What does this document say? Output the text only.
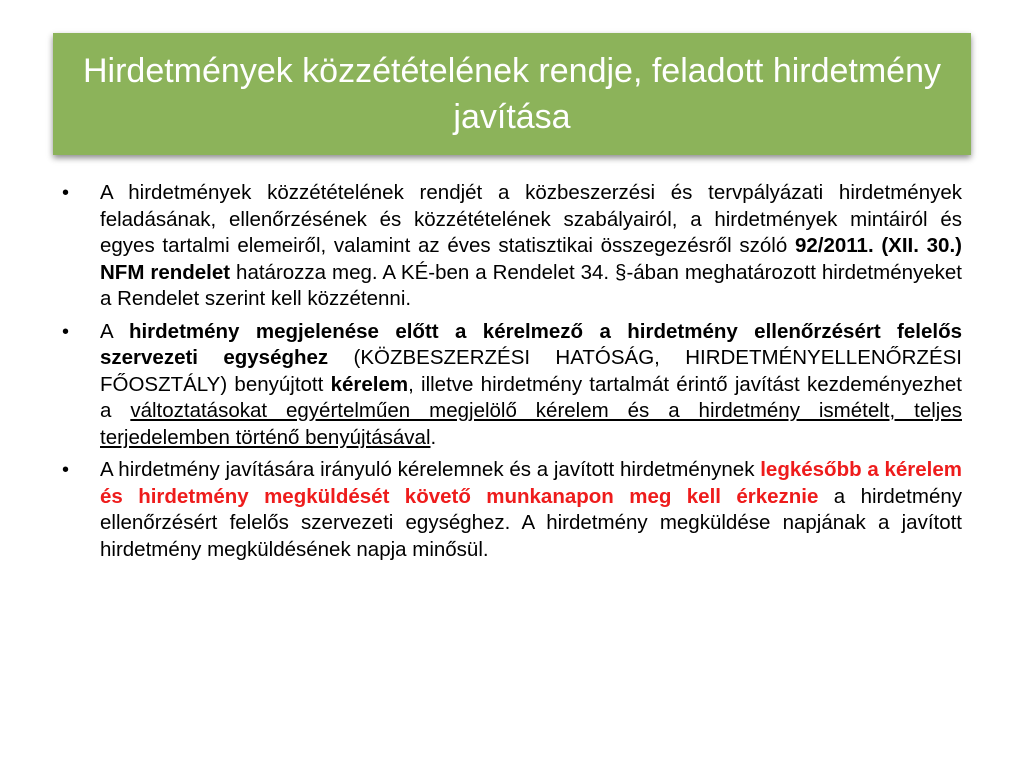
Hirdetmények közzétételének rendje, feladott hirdetmény javítása
• A hirdetmények közzétételének rendjét a közbeszerzési és tervpályázati hirdetmények feladásának, ellenőrzésének és közzétételének szabályairól, a hirdetmények mintáiról és egyes tartalmi elemeiről, valamint az éves statisztikai összegezésről szóló 92/2011. (XII. 30.) NFM rendelet határozza meg. A KÉ-ben a Rendelet 34. §-ában meghatározott hirdetményeket a Rendelet szerint kell közzétenni.
• A hirdetmény megjelenése előtt a kérelmező a hirdetmény ellenőrzésért felelős szervezeti egységhez (KÖZBESZERZÉSI HATÓSÁG, HIRDETMÉNYELLENŐRZÉSI FŐOSZTÁLY) benyújtott kérelem, illetve hirdetmény tartalmát érintő javítást kezdeményezhet a változtatásokat egyértelműen megjelölő kérelem és a hirdetmény ismételt, teljes terjedelemben történő benyújtásával.
• A hirdetmény javítására irányuló kérelemnek és a javított hirdetménynek legkésőbb a kérelem és hirdetmény megküldését követő munkanapon meg kell érkeznie a hirdetmény ellenőrzésért felelős szervezeti egységhez. A hirdetmény megküldése napjának a javított hirdetmény megküldésének napja minősül.
